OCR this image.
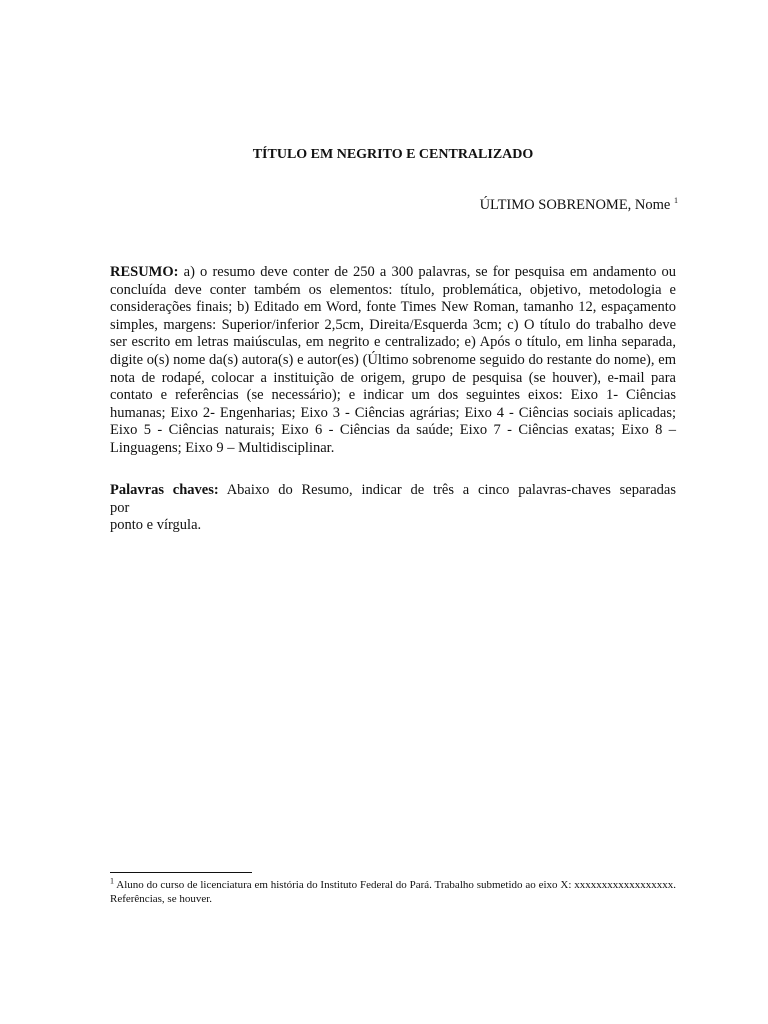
TÍTULO EM NEGRITO E CENTRALIZADO
ÚLTIMO SOBRENOME, Nome $^1$
RESUMO: a) o resumo deve conter de 250 a 300 palavras, se for pesquisa em andamento ou concluída deve conter também os elementos: título, problemática, objetivo, metodologia e considerações finais; b) Editado em Word, fonte Times New Roman, tamanho 12, espaçamento simples, margens: Superior/inferior 2,5cm, Direita/Esquerda 3cm; c) O título do trabalho deve ser escrito em letras maiúsculas, em negrito e centralizado; e) Após o título, em linha separada, digite o(s) nome da(s) autora(s) e autor(es) (Último sobrenome seguido do restante do nome), em nota de rodapé, colocar a instituição de origem, grupo de pesquisa (se houver), e-mail para contato e referências (se necessário); e indicar um dos seguintes eixos: Eixo 1- Ciências humanas; Eixo 2- Engenharias; Eixo 3 - Ciências agrárias; Eixo 4 - Ciências sociais aplicadas; Eixo 5 - Ciências naturais; Eixo 6 - Ciências da saúde; Eixo 7 - Ciências exatas; Eixo 8 – Linguagens; Eixo 9 – Multidisciplinar.
Palavras chaves: Abaixo do Resumo, indicar de três a cinco palavras-chaves separadas
por
ponto e vírgula.
$^1$ Aluno do curso de licenciatura em história do Instituto Federal do Pará. Trabalho submetido ao eixo X: xxxxxxxxxxxxxxxxxx. Referências, se houver.
